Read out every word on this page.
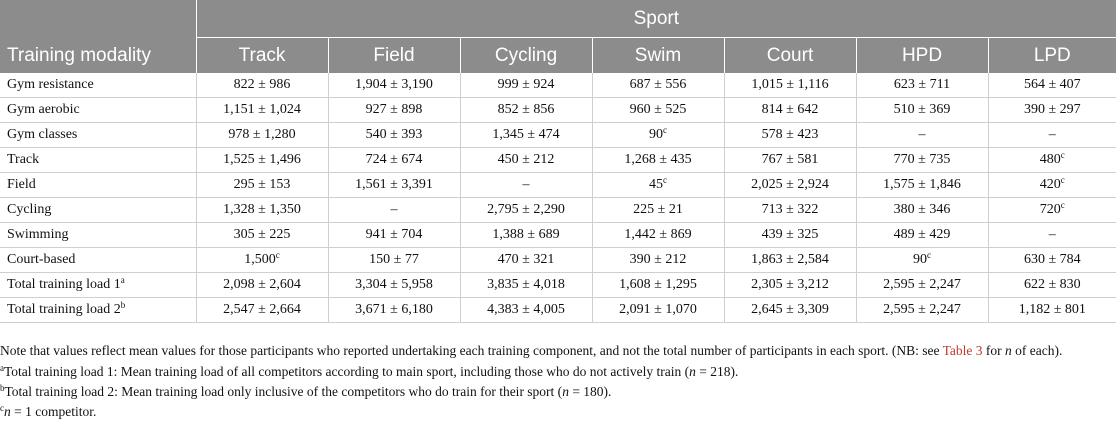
Training modality	Sport						
	Track	Field	Cycling	Swim	Court	HPD	LPD
Gym resistance	822 ± 986	1,904 ± 3,190	999 ± 924	687 ± 556	1,015 ± 1,116	623 ± 711	564 ± 407
Gym aerobic	1,151 ± 1,024	927 ± 898	852 ± 856	960 ± 525	814 ± 642	510 ± 369	390 ± 297
Gym classes	978 ± 1,280	540 ± 393	1,345 ± 474	90$^c$	578 ± 423	–	–
Track	1,525 ± 1,496	724 ± 674	450 ± 212	1,268 ± 435	767 ± 581	770 ± 735	480$^c$
Field	295 ± 153	1,561 ± 3,391	–	45$^c$	2,025 ± 2,924	1,575 ± 1,846	420$^c$
Cycling	1,328 ± 1,350	–	2,795 ± 2,290	225 ± 21	713 ± 322	380 ± 346	720$^c$
Swimming	305 ± 225	941 ± 704	1,388 ± 689	1,442 ± 869	439 ± 325	489 ± 429	–
Court-based	1,500$^c$	150 ± 77	470 ± 321	390 ± 212	1,863 ± 2,584	90$^c$	630 ± 784
Total training load 1$^a$	2,098 ± 2,604	3,304 ± 5,958	3,835 ± 4,018	1,608 ± 1,295	2,305 ± 3,212	2,595 ± 2,247	622 ± 830
Total training load 2$^b$	2,547 ± 2,664	3,671 ± 6,180	4,383 ± 4,005	2,091 ± 1,070	2,645 ± 3,309	2,595 ± 2,247	1,182 ± 801

Note that values reflect mean values for those participants who reported undertaking each training component, and not the total number of participants in each sport. (NB: see Table 3 for n of each).

$^a$Total training load 1: Mean training load of all competitors according to main sport, including those who do not actively train (n = 218).

$^b$Total training load 2: Mean training load only inclusive of the competitors who do train for their sport (n = 180).

$^c$n = 1 competitor.
